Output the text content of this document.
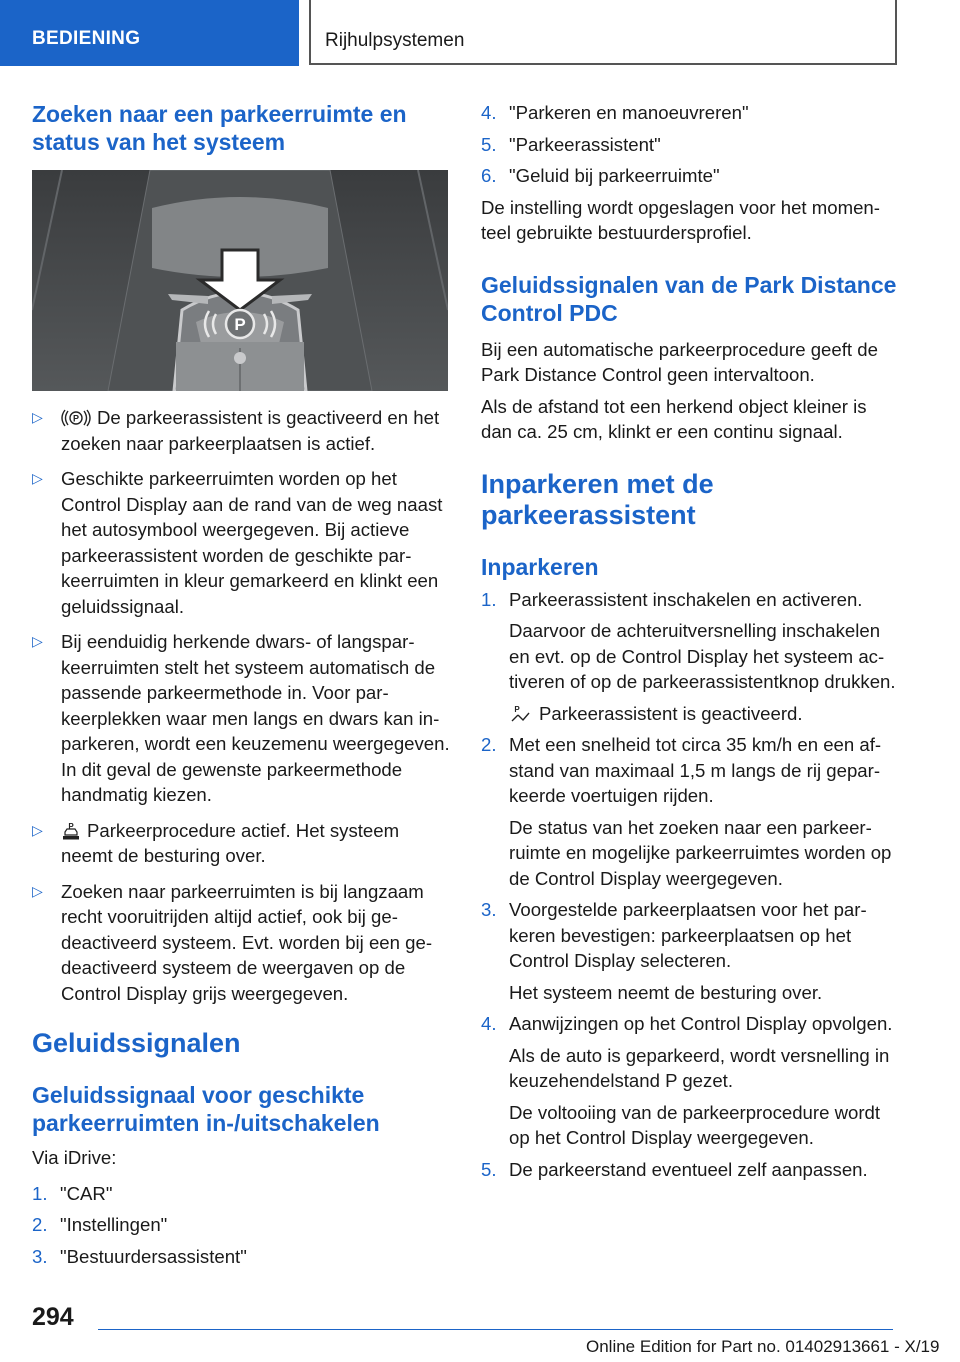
BEDIENING	Rijhulpsystemen
Zoeken naar een parkeerruimte en status van het systeem
P
▷	P De parkeerassistent is geactiveerd en het zoeken naar parkeerplaatsen is actief.
▷ Geschikte parkeerruimten worden op het Control Display aan de rand van de weg naast het autosymbool weergegeven. Bij actieve parkeerassistent worden de geschikte parkeerruimten in kleur gemarkeerd en klinkt een geluidssignaal.
▷ Bij eenduidig herkende dwars- of langsparkeerruimten stelt het systeem automatisch de passende parkeermethode in. Voor parkeerplekken waar men langs en dwars kan inparkeren, wordt een keuzemenu weergegeven. In dit geval de gewenste parkeermethode handmatig kiezen.
▷	P Parkeerprocedure actief. Het systeem neemt de besturing over.
▷ Zoeken naar parkeerruimten is bij langzaam recht vooruitrijden altijd actief, ook bij gedeactiveerd systeem. Evt. worden bij een gedeactiveerd systeem de weergaven op de Control Display grijs weergegeven.
Geluidssignalen
Geluidssignaal voor geschikte parkeerruimten in-/uitschakelen

Via iDrive:

1. "CAR"
2. "Instellingen"
3. "Bestuurdersassistent"
4. "Parkeren en manoeuvreren"
5. "Parkeerassistent"
6. "Geluid bij parkeerruimte"

De instelling wordt opgeslagen voor het momenteel gebruikte bestuurdersprofiel.

Geluidssignalen van de Park Distance Control PDC

Bij een automatische parkeerprocedure geeft de Park Distance Control geen intervaltoon.

Als de afstand tot een herkend object kleiner is dan ca. 25 cm, klinkt er een continu signaal.

Inparkeren met de parkeerassistent
Inparkeren
1. Parkeerassistent inschakelen en activeren.
Daarvoor de achteruitversnelling inschakelen en evt. op de Control Display het systeem activeren of op de parkeerassistentknop drukken.
P Parkeerassistent is geactiveerd.
2. Met een snelheid tot circa 35 km/h en een afstand van maximaal 1,5 m langs de rij geparkeerde voertuigen rijden.
De status van het zoeken naar een parkeerruimte en mogelijke parkeerruimtes worden op de Control Display weergegeven.
3. Voorgestelde parkeerplaatsen voor het parkeren bevestigen: parkeerplaatsen op het Control Display selecteren.
Het systeem neemt de besturing over.
4. Aanwijzingen op het Control Display opvolgen.
Als de auto is geparkeerd, wordt versnelling in keuzehendelstand P gezet.
De voltooiing van de parkeerprocedure wordt op het Control Display weergegeven.
5. De parkeerstand eventueel zelf aanpassen.
294
Online Edition for Part no. 01402913661 - X/19
